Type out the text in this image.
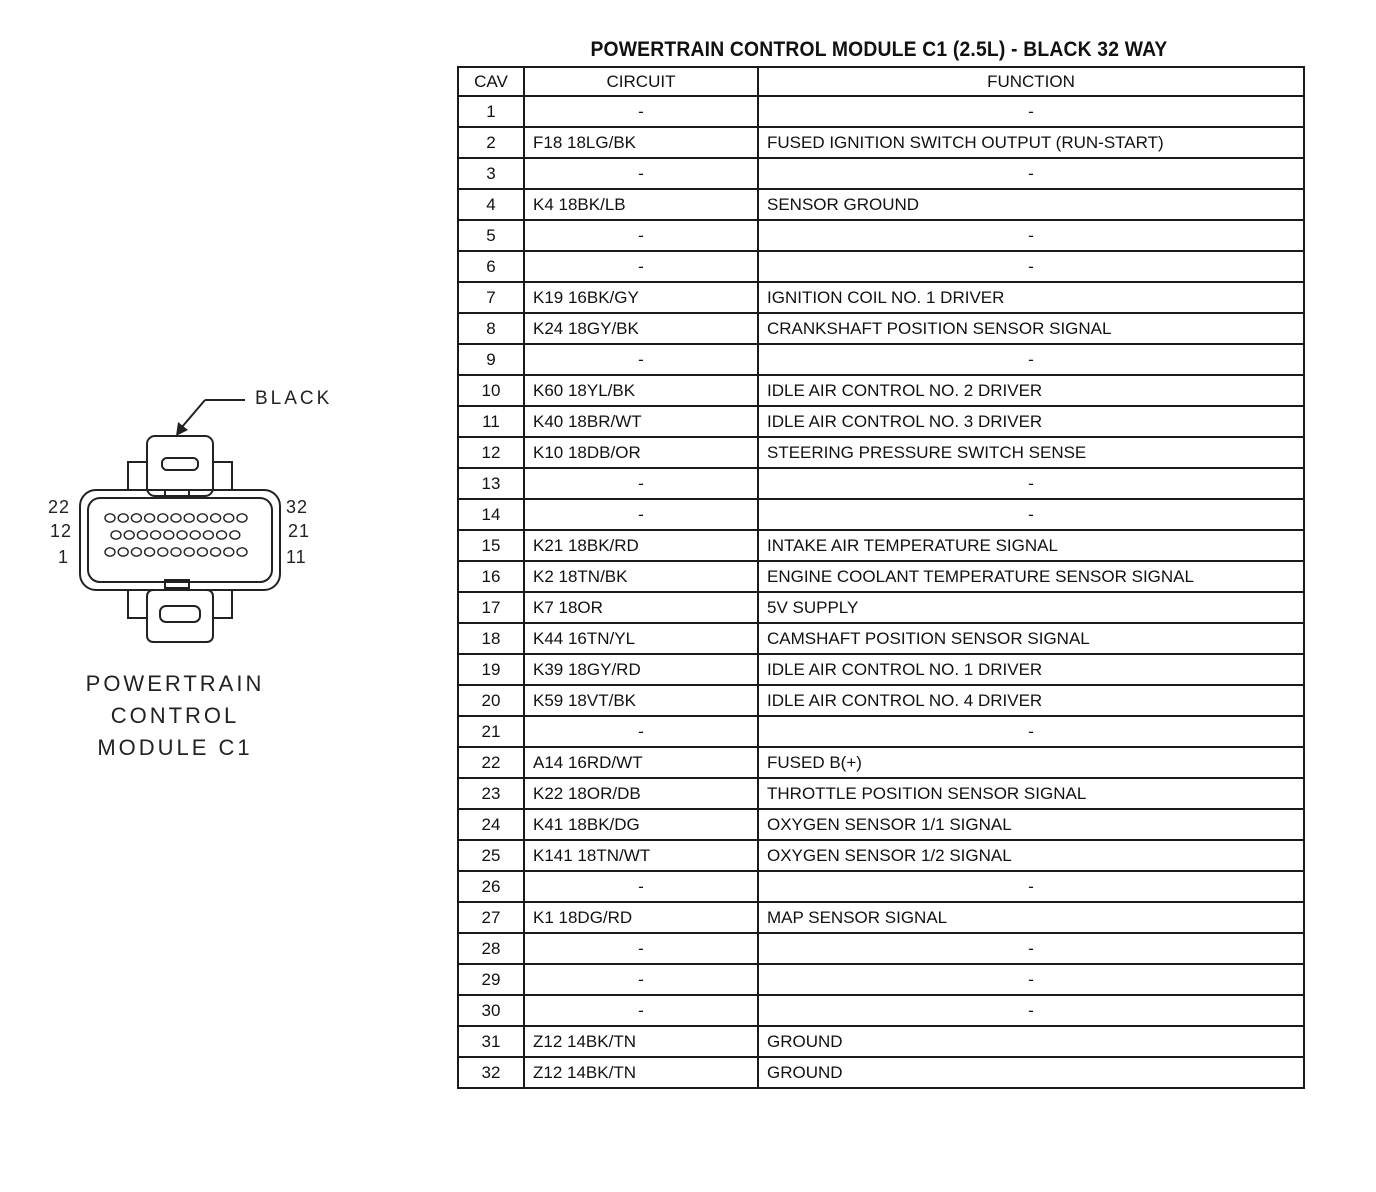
POWERTRAIN CONTROL MODULE C1 (2.5L) - BLACK 32 WAY
CAV	CIRCUIT	FUNCTION
1	-	-
2	F18 18LG/BK	FUSED IGNITION SWITCH OUTPUT (RUN-START)
3	-	-
4	K4 18BK/LB	SENSOR GROUND
5	-	-
6	-	-
7	K19 16BK/GY	IGNITION COIL NO. 1 DRIVER
8	K24 18GY/BK	CRANKSHAFT POSITION SENSOR SIGNAL
9	-	-
10	K60 18YL/BK	IDLE AIR CONTROL NO. 2 DRIVER
11	K40 18BR/WT	IDLE AIR CONTROL NO. 3 DRIVER
12	K10 18DB/OR	STEERING PRESSURE SWITCH SENSE
13	-	-
14	-	-
15	K21 18BK/RD	INTAKE AIR TEMPERATURE SIGNAL
16	K2 18TN/BK	ENGINE COOLANT TEMPERATURE SENSOR SIGNAL
17	K7 18OR	5V SUPPLY
18	K44 16TN/YL	CAMSHAFT POSITION SENSOR SIGNAL
19	K39 18GY/RD	IDLE AIR CONTROL NO. 1 DRIVER
20	K59 18VT/BK	IDLE AIR CONTROL NO. 4 DRIVER
21	-	-
22	A14 16RD/WT	FUSED B(+)
23	K22 18OR/DB	THROTTLE POSITION SENSOR SIGNAL
24	K41 18BK/DG	OXYGEN SENSOR 1/1 SIGNAL
25	K141 18TN/WT	OXYGEN SENSOR 1/2 SIGNAL
26	-	-
27	K1 18DG/RD	MAP SENSOR SIGNAL
28	-	-
29	-	-
30	-	-
31	Z12 14BK/TN	GROUND
32	Z12 14BK/TN	GROUND
BLACK
22
12
1
32
21
11
POWERTRAIN
CONTROL
MODULE C1
